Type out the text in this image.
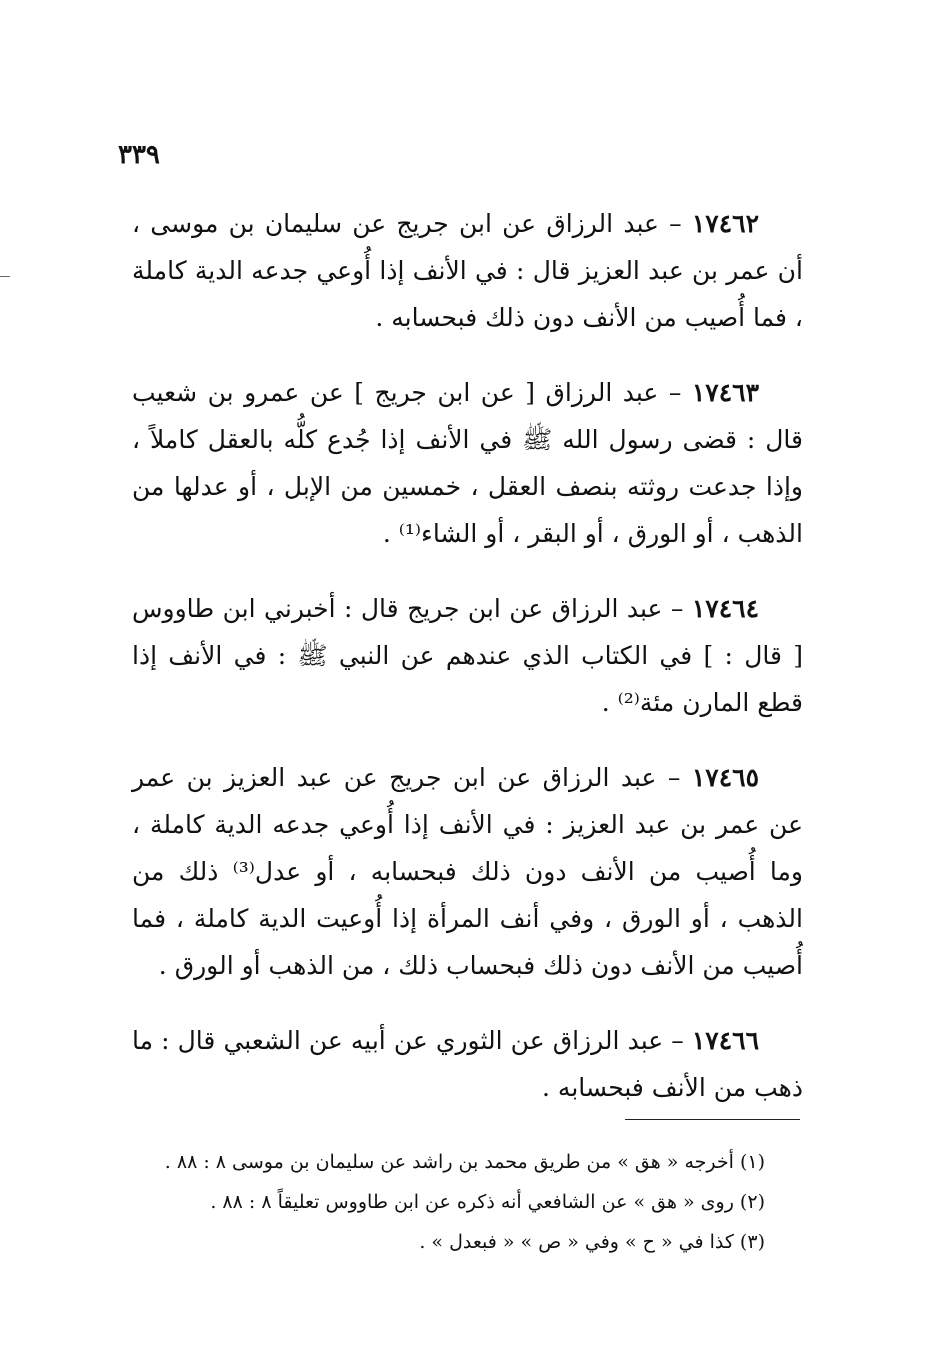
٣٣٩

١٧٤٦٢ – عبد الرزاق عن ابن جريج عن سليمان بن موسى ، أن عمر بن عبد العزيز قال : في الأنف إذا أُوعي جدعه الدية كاملة ، فما أُصيب من الأنف دون ذلك فبحسابه .

١٧٤٦٣ – عبد الرزاق [ عن ابن جريج ] عن عمرو بن شعيب قال : قضى رسول الله ﷺ في الأنف إذا جُدع كلُّه بالعقل كاملاً ، وإذا جدعت روثته بنصف العقل ، خمسين من الإبل ، أو عدلها من الذهب ، أو الورق ، أو البقر ، أو الشاء⁽¹⁾ .

١٧٤٦٤ – عبد الرزاق عن ابن جريج قال : أخبرني ابن طاووس [ قال : ] في الكتاب الذي عندهم عن النبي ﷺ : في الأنف إذا قطع المارن مئة⁽²⁾ .

١٧٤٦٥ – عبد الرزاق عن ابن جريج عن عبد العزيز بن عمر عن عمر بن عبد العزيز : في الأنف إذا أُوعي جدعه الدية كاملة ، وما أُصيب من الأنف دون ذلك فبحسابه ، أو عدل⁽³⁾ ذلك من الذهب ، أو الورق ، وفي أنف المرأة إذا أُوعيت الدية كاملة ، فما أُصيب من الأنف دون ذلك فبحساب ذلك ، من الذهب أو الورق .

١٧٤٦٦ – عبد الرزاق عن الثوري عن أبيه عن الشعبي قال : ما ذهب من الأنف فبحسابه .

(١) أخرجه « هق » من طريق محمد بن راشد عن سليمان بن موسى ٨ : ٨٨ .

(٢) روى « هق » عن الشافعي أنه ذكره عن ابن طاووس تعليقاً ٨ : ٨٨ .

(٣) كذا في « ح » وفي « ص » « فبعدل » .
